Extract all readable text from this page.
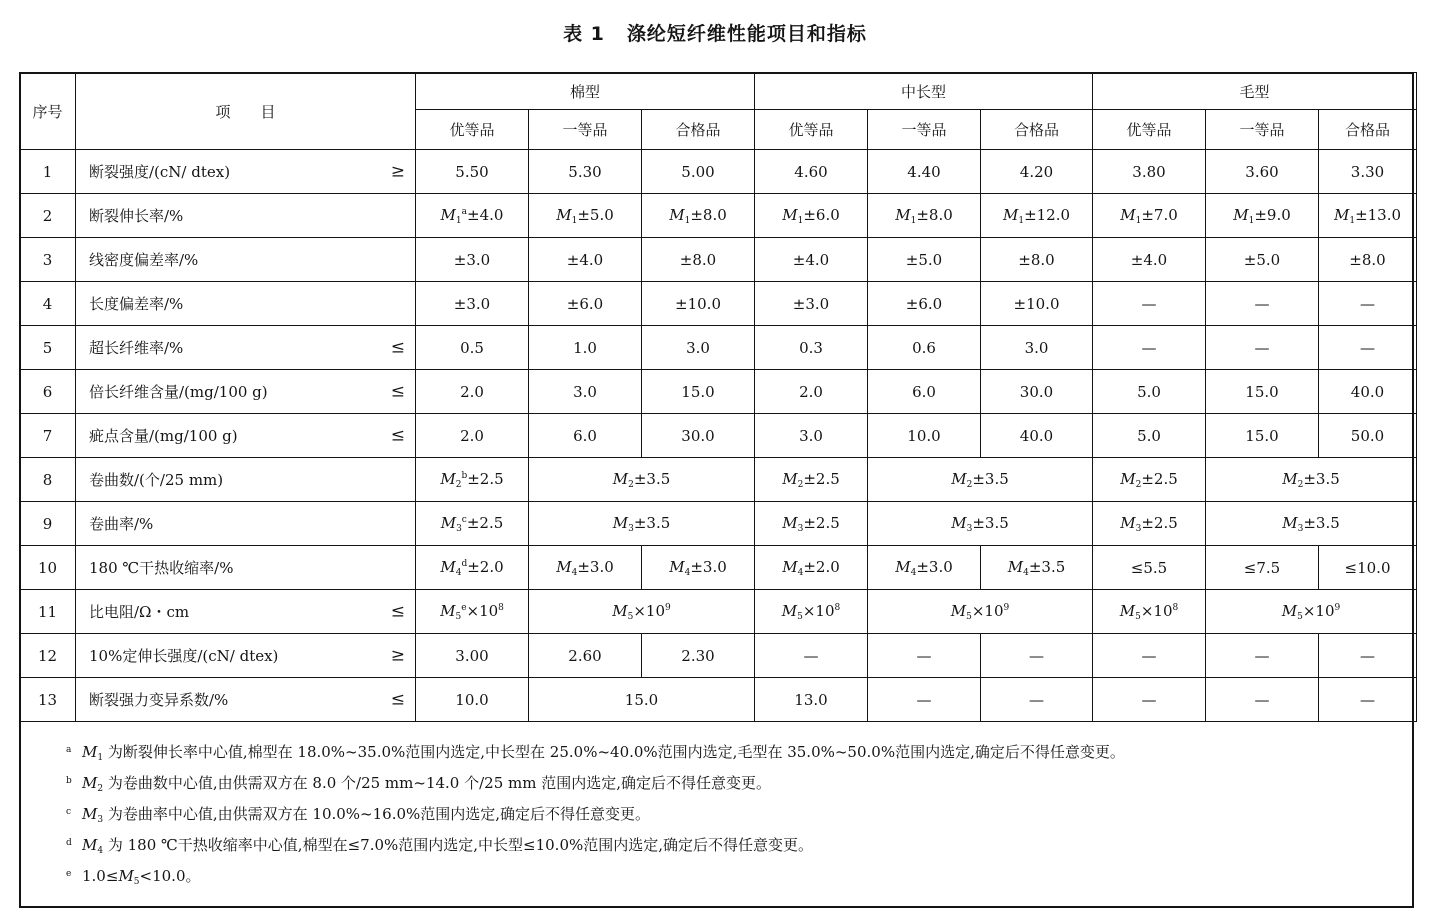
表 1 涤纶短纤维性能项目和指标
序号	项　　目	棉型			中长型			毛型		
		优等品	一等品	合格品	优等品	一等品	合格品	优等品	一等品	合格品
1	断裂强度/(cN/ dtex) ≥	5.50	5.30	5.00	4.60	4.40	4.20	3.80	3.60	3.30
2	断裂伸长率/%	$M_1^a\pm 4.0$	$M_1\pm 5.0$	$M_1\pm 8.0$	$M_1\pm 6.0$	$M_1\pm 8.0$	$M_1\pm 12.0$	$M_1\pm 7.0$	$M_1\pm 9.0$	$M_1\pm 13.0$
3	线密度偏差率/%	±3.0	±4.0	±8.0	±4.0	±5.0	±8.0	±4.0	±5.0	±8.0
4	长度偏差率/%	±3.0	±6.0	±10.0	±3.0	±6.0	±10.0	—	—	—
5	超长纤维率/% ≤	0.5	1.0	3.0	0.3	0.6	3.0	—	—	—
6	倍长纤维含量/(mg/100 g) ≤	2.0	3.0	15.0	2.0	6.0	30.0	5.0	15.0	40.0
7	疵点含量/(mg/100 g) ≤	2.0	6.0	30.0	3.0	10.0	40.0	5.0	15.0	50.0
8	卷曲数/(个/25 mm)	$M_2^b\pm 2.5$	$M_2\pm 3.5$		$M_2\pm 2.5$	$M_2\pm 3.5$		$M_2\pm 2.5$	$M_2\pm 3.5$	
9	卷曲率/%	$M_3^c\pm 2.5$	$M_3\pm 3.5$		$M_3\pm 2.5$	$M_3\pm 3.5$		$M_3\pm 2.5$	$M_3\pm 3.5$	
10	180 ℃干热收缩率/%	$M_4^d\pm 2.0$	$M_4\pm 3.0$	$M_4\pm 3.0$	$M_4\pm 2.0$	$M_4\pm 3.0$	$M_4\pm 3.5$	≤5.5	≤7.5	≤10.0
11	比电阻/Ω・cm ≤	$M_5^e\times 10^8$	$M_5\times 10^9$		$M_5\times 10^8$	$M_5\times 10^9$		$M_5\times 10^8$	$M_5\times 10^9$
12	10%定伸长强度/(cN/ dtex) ≥	3.00	2.60	2.30	—	—	—	—	—	—
13	断裂强力变异系数/% ≤	10.0	15.0		13.0	—	—	—	—	—
a $M_1$ 为断裂伸长率中心值,棉型在 18.0%~35.0%范围内选定,中长型在 25.0%~40.0%范围内选定,毛型在 35.0%~50.0%范围内选定,确定后不得任意变更。
b $M_2$ 为卷曲数中心值,由供需双方在 8.0 个/25 mm~14.0 个/25 mm 范围内选定,确定后不得任意变更。
c $M_3$ 为卷曲率中心值,由供需双方在 10.0%~16.0%范围内选定,确定后不得任意变更。
d $M_4$ 为 180 ℃干热收缩率中心值,棉型在≤7.0%范围内选定,中长型≤10.0%范围内选定,确定后不得任意变更。
e $1.0\le M_5<10.0$。
